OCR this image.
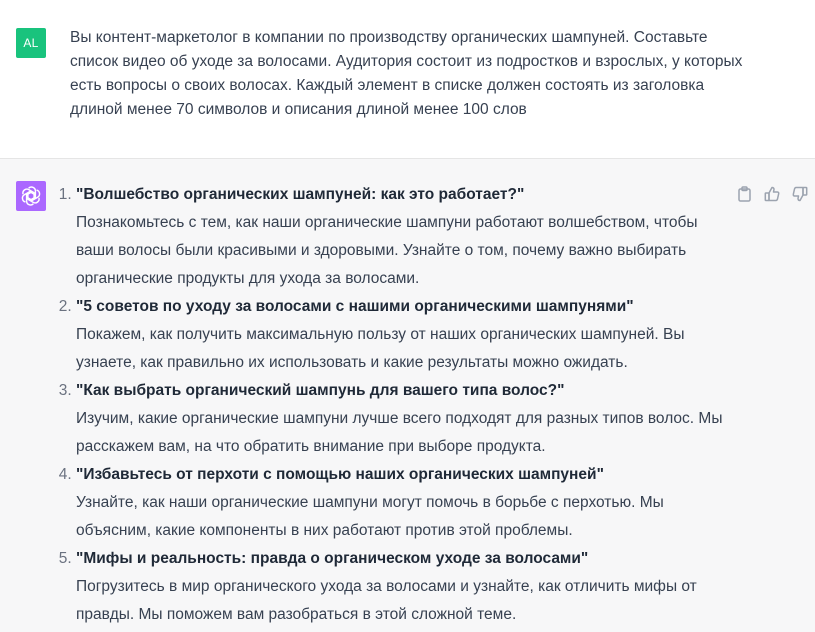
AL	Вы контент-маркетолог в компании по производству органических шампуней. Составьте список видео об уходе за волосами. Аудитория состоит из подростков и взрослых, у которых есть вопросы о своих волосах. Каждый элемент в списке должен состоять из заголовка длиной менее 70 символов и описания длиной менее 100 слов
1. "Волшебство органических шампуней: как это работает?"
Познакомьтесь с тем, как наши органические шампуни работают волшебством, чтобы ваши волосы были красивыми и здоровыми. Узнайте о том, почему важно выбирать органические продукты для ухода за волосами.
2. "5 советов по уходу за волосами с нашими органическими шампунями"
Покажем, как получить максимальную пользу от наших органических шампуней. Вы узнаете, как правильно их использовать и какие результаты можно ожидать.
3. "Как выбрать органический шампунь для вашего типа волос?"
Изучим, какие органические шампуни лучше всего подходят для разных типов волос. Мы расскажем вам, на что обратить внимание при выборе продукта.
4. "Избавьтесь от перхоти с помощью наших органических шампуней"
Узнайте, как наши органические шампуни могут помочь в борьбе с перхотью. Мы объясним, какие компоненты в них работают против этой проблемы.
5. "Мифы и реальность: правда о органическом уходе за волосами"
Погрузитесь в мир органического ухода за волосами и узнайте, как отличить мифы от правды. Мы поможем вам разобраться в этой сложной теме.
